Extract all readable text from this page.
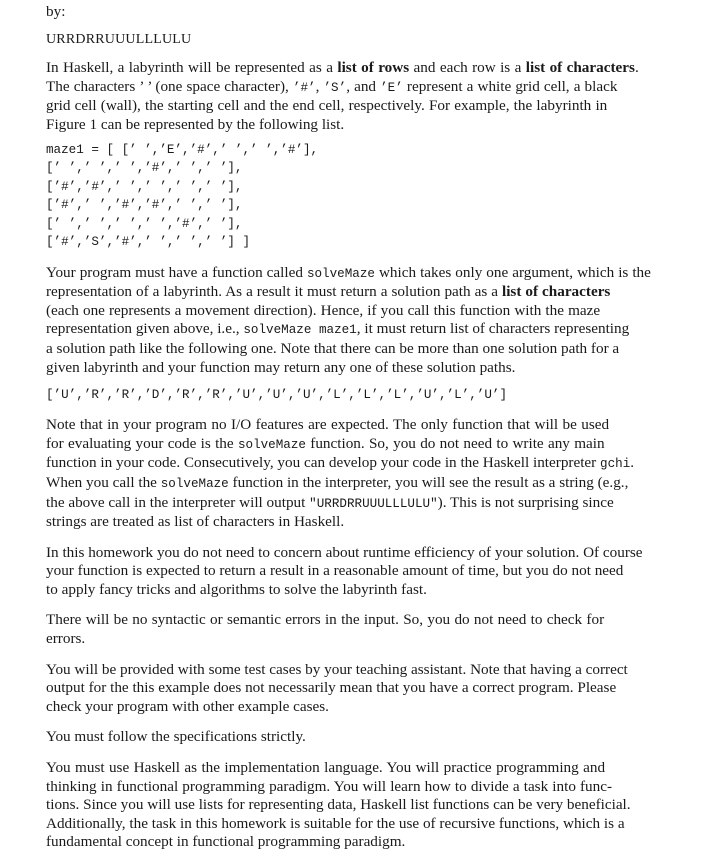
by:
URRDRRUUULLLULU

In Haskell, a labyrinth will be represented as a list of rows and each row is a list of characters.
The characters ’ ’ (one space character), ’#’, ’S’, and ’E’ represent a white grid cell, a black
grid cell (wall), the starting cell and the end cell, respectively. For example, the labyrinth in
Figure 1 can be represented by the following list.

maze1 = [ [’ ’,’E’,’#’,’ ’,’ ’,’#’],
[’ ’,’ ’,’ ’,’#’,’ ’,’ ’],
[’#’,’#’,’ ’,’ ’,’ ’,’ ’],
[’#’,’ ’,’#’,’#’,’ ’,’ ’],
[’ ’,’ ’,’ ’,’ ’,’#’,’ ’],
[’#’,’S’,’#’,’ ’,’ ’,’ ’] ]

Your program must have a function called solveMaze which takes only one argument, which is the
representation of a labyrinth. As a result it must return a solution path as a list of characters
(each one represents a movement direction). Hence, if you call this function with the maze
representation given above, i.e., solveMaze maze1, it must return list of characters representing
a solution path like the following one. Note that there can be more than one solution path for a
given labyrinth and your function may return any one of these solution paths.

[’U’,’R’,’R’,’D’,’R’,’R’,’U’,’U’,’U’,’L’,’L’,’L’,’U’,’L’,’U’]

Note that in your program no I/O features are expected. The only function that will be used
for evaluating your code is the solveMaze function. So, you do not need to write any main
function in your code. Consecutively, you can develop your code in the Haskell interpreter gchi.
When you call the solveMaze function in the interpreter, you will see the result as a string (e.g.,
the above call in the interpreter will output "URRDRRUUULLLULU"). This is not surprising since
strings are treated as list of characters in Haskell.

In this homework you do not need to concern about runtime efficiency of your solution. Of course
your function is expected to return a result in a reasonable amount of time, but you do not need
to apply fancy tricks and algorithms to solve the labyrinth fast.

There will be no syntactic or semantic errors in the input. So, you do not need to check for
errors.

You will be provided with some test cases by your teaching assistant. Note that having a correct
output for the this example does not necessarily mean that you have a correct program. Please
check your program with other example cases.

You must follow the specifications strictly.

You must use Haskell as the implementation language. You will practice programming and
thinking in functional programming paradigm. You will learn how to divide a task into func-
tions. Since you will use lists for representing data, Haskell list functions can be very beneficial.
Additionally, the task in this homework is suitable for the use of recursive functions, which is a
fundamental concept in functional programming paradigm.
